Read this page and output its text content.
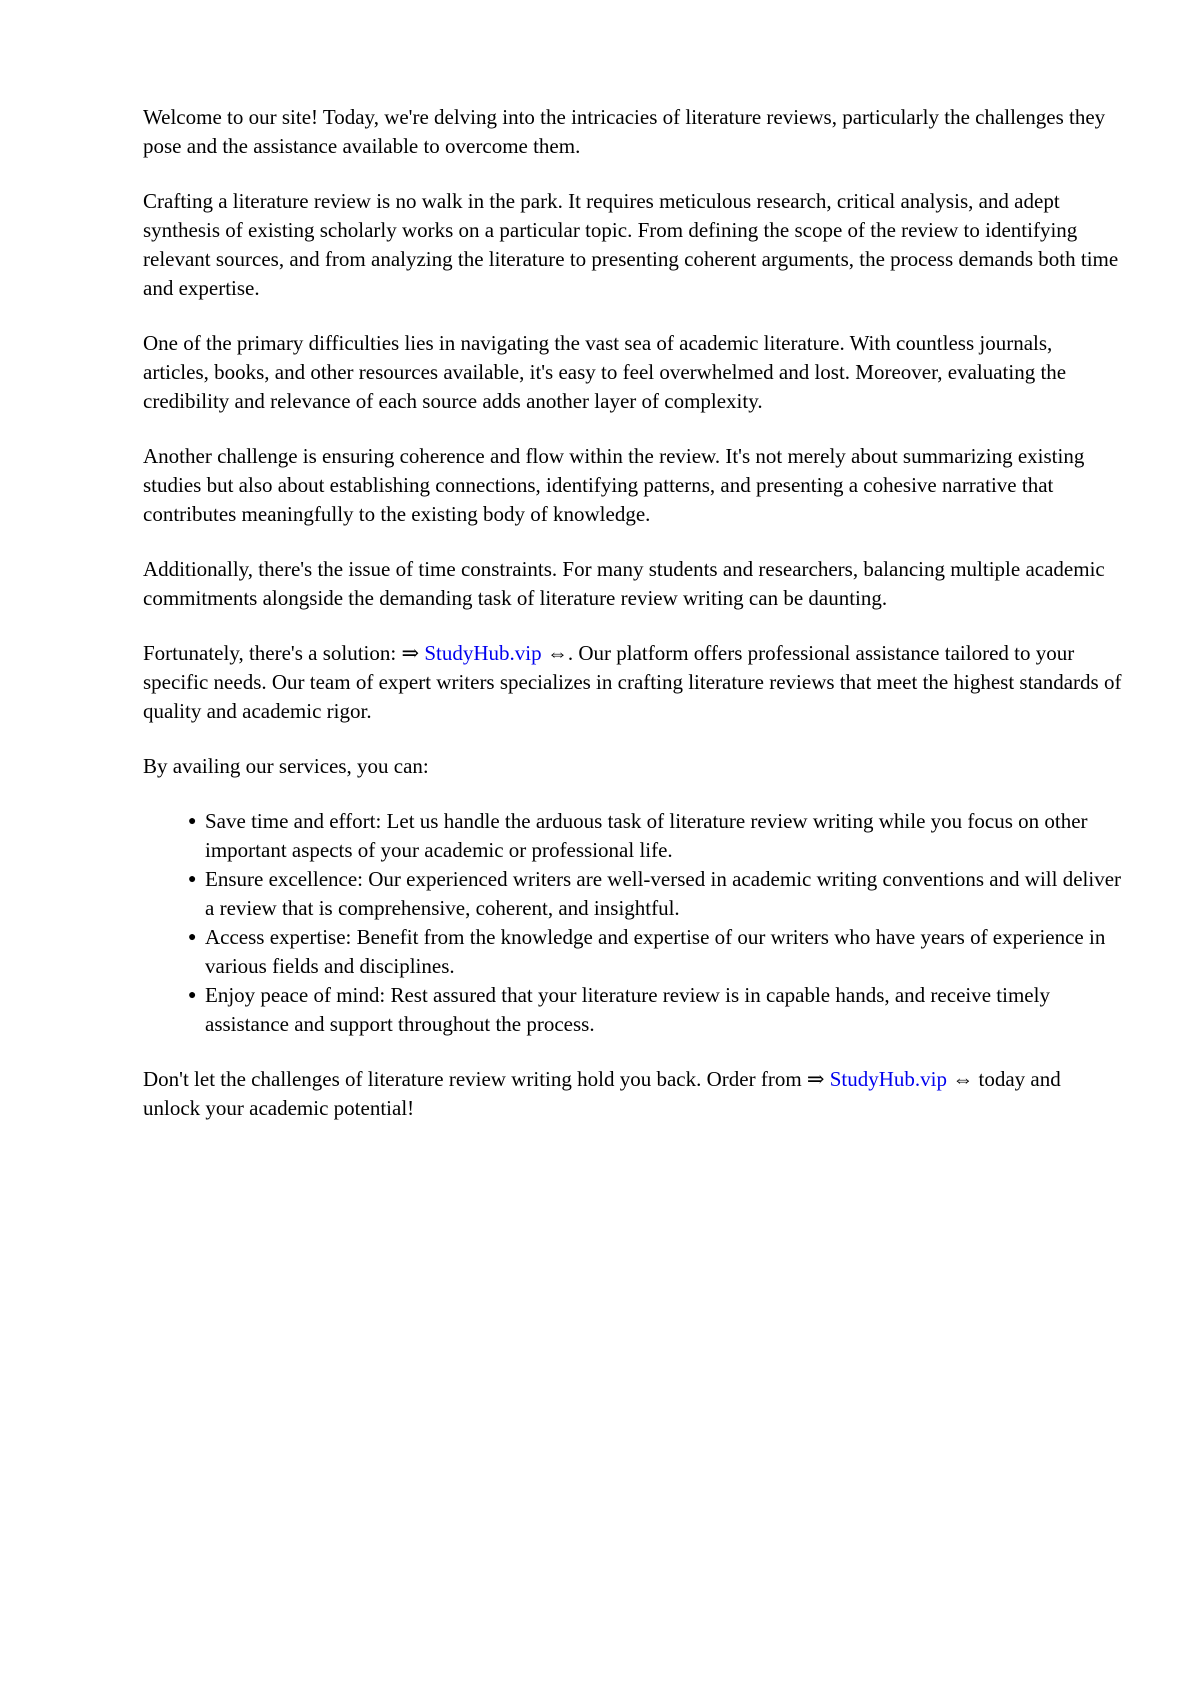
Welcome to our site! Today, we're delving into the intricacies of literature reviews, particularly the challenges they pose and the assistance available to overcome them.

Crafting a literature review is no walk in the park. It requires meticulous research, critical analysis, and adept synthesis of existing scholarly works on a particular topic. From defining the scope of the review to identifying relevant sources, and from analyzing the literature to presenting coherent arguments, the process demands both time and expertise.

One of the primary difficulties lies in navigating the vast sea of academic literature. With countless journals, articles, books, and other resources available, it's easy to feel overwhelmed and lost. Moreover, evaluating the credibility and relevance of each source adds another layer of complexity.

Another challenge is ensuring coherence and flow within the review. It's not merely about summarizing existing studies but also about establishing connections, identifying patterns, and presenting a cohesive narrative that contributes meaningfully to the existing body of knowledge.

Additionally, there's the issue of time constraints. For many students and researchers, balancing multiple academic commitments alongside the demanding task of literature review writing can be daunting.

Fortunately, there's a solution: ⇒ StudyHub.vip ⇔. Our platform offers professional assistance tailored to your specific needs. Our team of expert writers specializes in crafting literature reviews that meet the highest standards of quality and academic rigor.

By availing our services, you can:

● Save time and effort: Let us handle the arduous task of literature review writing while you focus on other important aspects of your academic or professional life.
● Ensure excellence: Our experienced writers are well-versed in academic writing conventions and will deliver a review that is comprehensive, coherent, and insightful.
● Access expertise: Benefit from the knowledge and expertise of our writers who have years of experience in various fields and disciplines.
● Enjoy peace of mind: Rest assured that your literature review is in capable hands, and receive timely assistance and support throughout the process.

Don't let the challenges of literature review writing hold you back. Order from ⇒ StudyHub.vip ⇔ today and unlock your academic potential!
